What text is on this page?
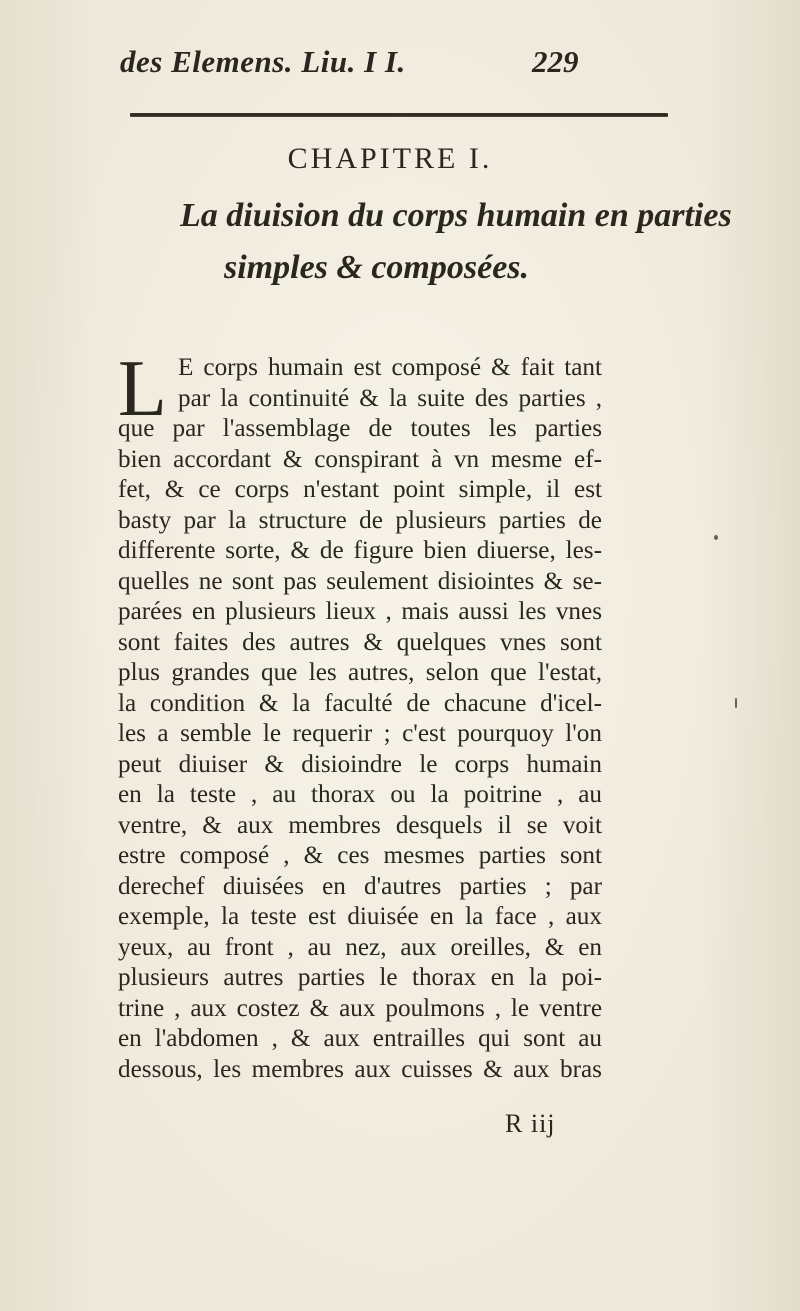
des Elemens. Liu. I I.	229
CHAPITRE I.
La diuision du corps humain en parties
simples & composées.
L E corps humain est composé & fait tant
par la continuité & la suite des parties ,
que par l'assemblage de toutes les parties
bien accordant & conspirant à vn mesme ef-
fet, & ce corps n'estant point simple, il est
basty par la structure de plusieurs parties de
differente sorte, & de figure bien diuerse, les-
quelles ne sont pas seulement disiointes & se-
parées en plusieurs lieux , mais aussi les vnes
sont faites des autres & quelques vnes sont
plus grandes que les autres, selon que l'estat,
la condition & la faculté de chacune d'icel-
les a semble le requerir ; c'est pourquoy l'on
peut diuiser & disioindre le corps humain
en la teste , au thorax ou la poitrine , au
ventre, & aux membres desquels il se voit
estre composé , & ces mesmes parties sont
derechef diuisées en d'autres parties ; par
exemple, la teste est diuisée en la face , aux
yeux, au front , au nez, aux oreilles, & en
plusieurs autres parties le thorax en la poi-
trine , aux costez & aux poulmons , le ventre
en l'abdomen , & aux entrailles qui sont au
dessous, les membres aux cuisses & aux bras
R iij
